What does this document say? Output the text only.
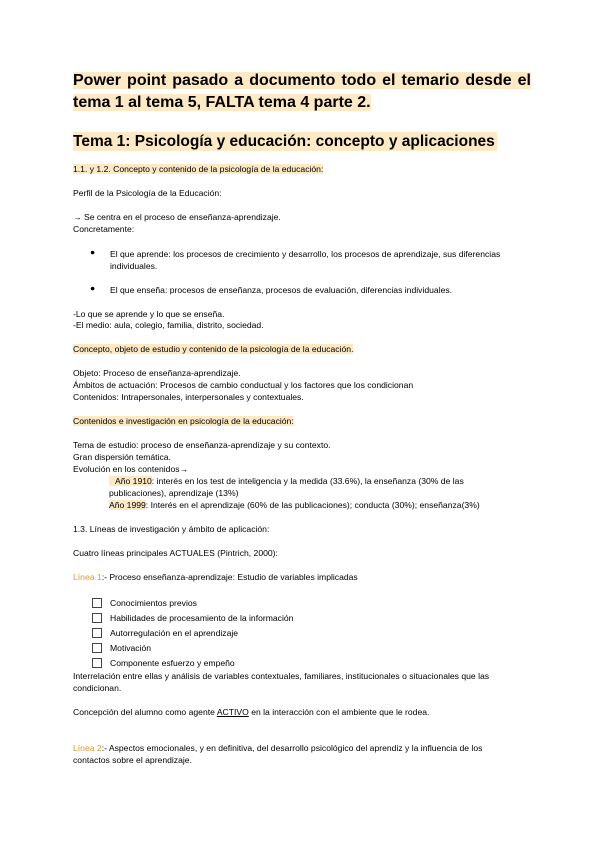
Power point pasado a documento todo el temario desde el tema 1 al tema 5, FALTA tema 4 parte 2.
Tema 1: Psicología y educación: concepto y aplicaciones
1.1. y 1.2. Concepto y contenido de la psicología de la educación:
Perfil de la Psicología de la Educación:
→ Se centra en el proceso de enseñanza-aprendizaje.
Concretamente:
● El que aprende: los procesos de crecimiento y desarrollo, los procesos de aprendizaje, sus diferencias
individuales.
● El que enseña: procesos de enseñanza, procesos de evaluación, diferencias individuales.
-Lo que se aprende y lo que se enseña.
-El medio: aula, colegio, familia, distrito, sociedad.
Concepto, objeto de estudio y contenido de la psicología de la educación.
Objeto: Proceso de enseñanza-aprendizaje.
Ámbitos de actuación: Procesos de cambio conductual y los factores que los condicionan
Contenidos: Intrapersonales, interpersonales y contextuales.
Contenidos e investigación en psicología de la educación:
Tema de estudio: proceso de enseñanza-aprendizaje y su contexto.
Gran dispersión temática.
Evolución en los contenidos→
Año 1910: interés en los test de inteligencia y la medida (33.6%), la enseñanza (30% de las
publicaciones), aprendizaje (13%)
Año 1999: Interés en el aprendizaje (60% de las publicaciones); conducta (30%); enseñanza(3%)
1.3. Líneas de investigación y ámbito de aplicación:
Cuatro líneas principales ACTUALES (Pintrich, 2000):
Línea 1:- Proceso enseñanza-aprendizaje: Estudio de variables implicadas
Conocimientos previos
Habilidades de procesamiento de la información
Autorregulación en el aprendizaje
Motivación
Componente esfuerzo y empeño
Interrelación entre ellas y análisis de variables contextuales, familiares, institucionales o situacionales que las
condicionan.
Concepción del alumno como agente ACTIVO en la interacción con el ambiente que le rodea.
Línea 2:- Aspectos emocionales, y en definitiva, del desarrollo psicológico del aprendiz y la influencia de los
contactos sobre el aprendizaje.
